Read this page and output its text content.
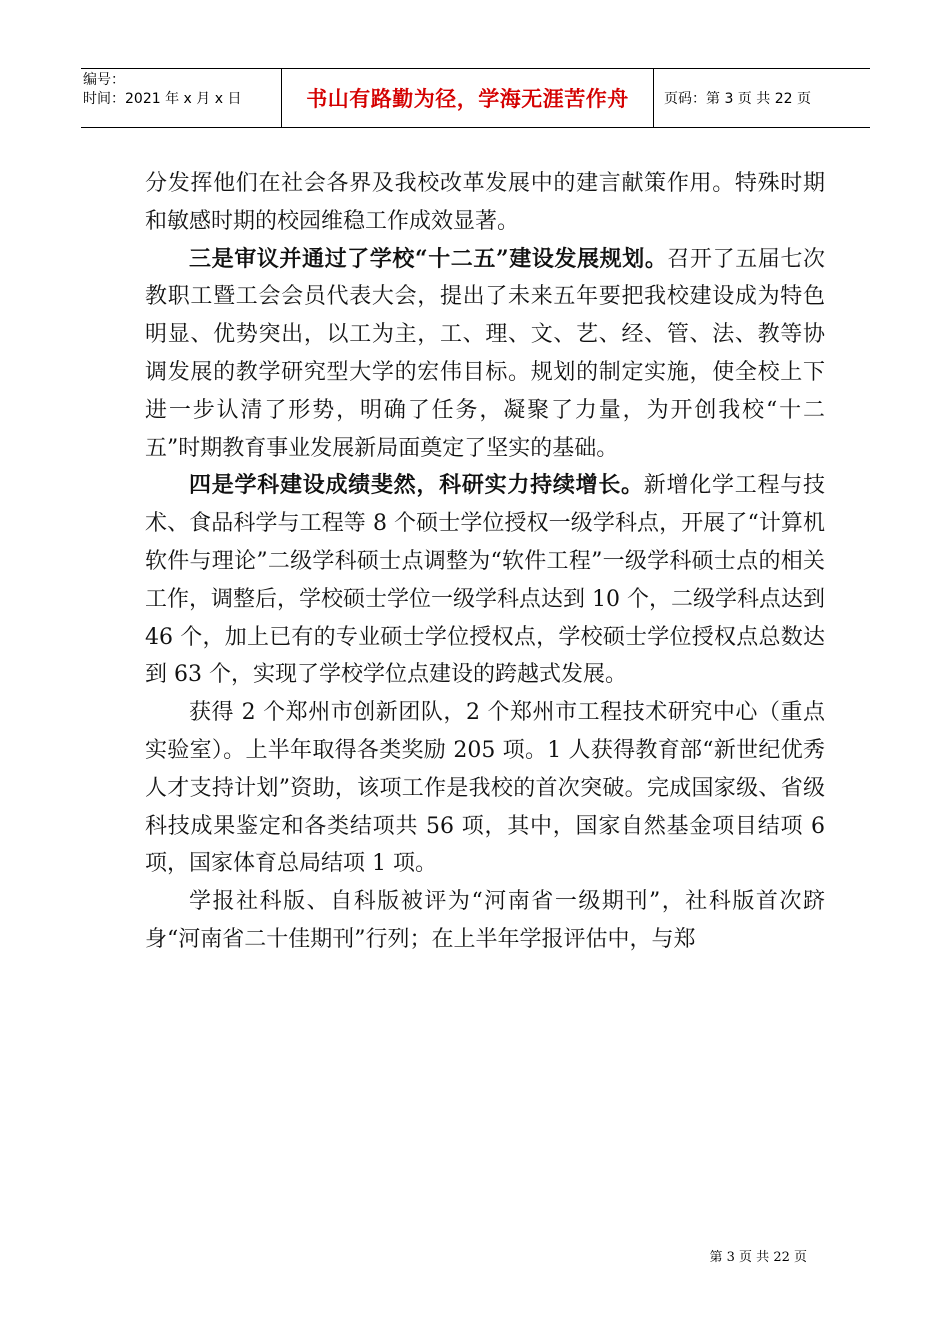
编号：
时间：2021 年 x 月 x 日	书山有路勤为径，学海无涯苦作舟	页码：第 3 页 共 22 页

分发挥他们在社会各界及我校改革发展中的建言献策作用。特殊时期和敏感时期的校园维稳工作成效显著。

三是审议并通过了学校“十二五”建设发展规划。召开了五届七次教职工暨工会会员代表大会，提出了未来五年要把我校建设成为特色明显、优势突出，以工为主，工、理、文、艺、经、管、法、教等协调发展的教学研究型大学的宏伟目标。规划的制定实施，使全校上下进一步认清了形势，明确了任务，凝聚了力量，为开创我校“十二五”时期教育事业发展新局面奠定了坚实的基础。

四是学科建设成绩斐然，科研实力持续增长。新增化学工程与技术、食品科学与工程等 8 个硕士学位授权一级学科点，开展了“计算机软件与理论”二级学科硕士点调整为“软件工程”一级学科硕士点的相关工作，调整后，学校硕士学位一级学科点达到 10 个，二级学科点达到 46 个，加上已有的专业硕士学位授权点，学校硕士学位授权点总数达到 63 个，实现了学校学位点建设的跨越式发展。

获得 2 个郑州市创新团队，2 个郑州市工程技术研究中心（重点实验室）。上半年取得各类奖励 205 项。1 人获得教育部“新世纪优秀人才支持计划”资助，该项工作是我校的首次突破。完成国家级、省级科技成果鉴定和各类结项共 56 项，其中，国家自然基金项目结项 6 项，国家体育总局结项 1 项。

学报社科版、自科版被评为“河南省一级期刊”，社科版首次跻身“河南省二十佳期刊”行列；在上半年学报评估中，与郑

第 3 页 共 22 页
